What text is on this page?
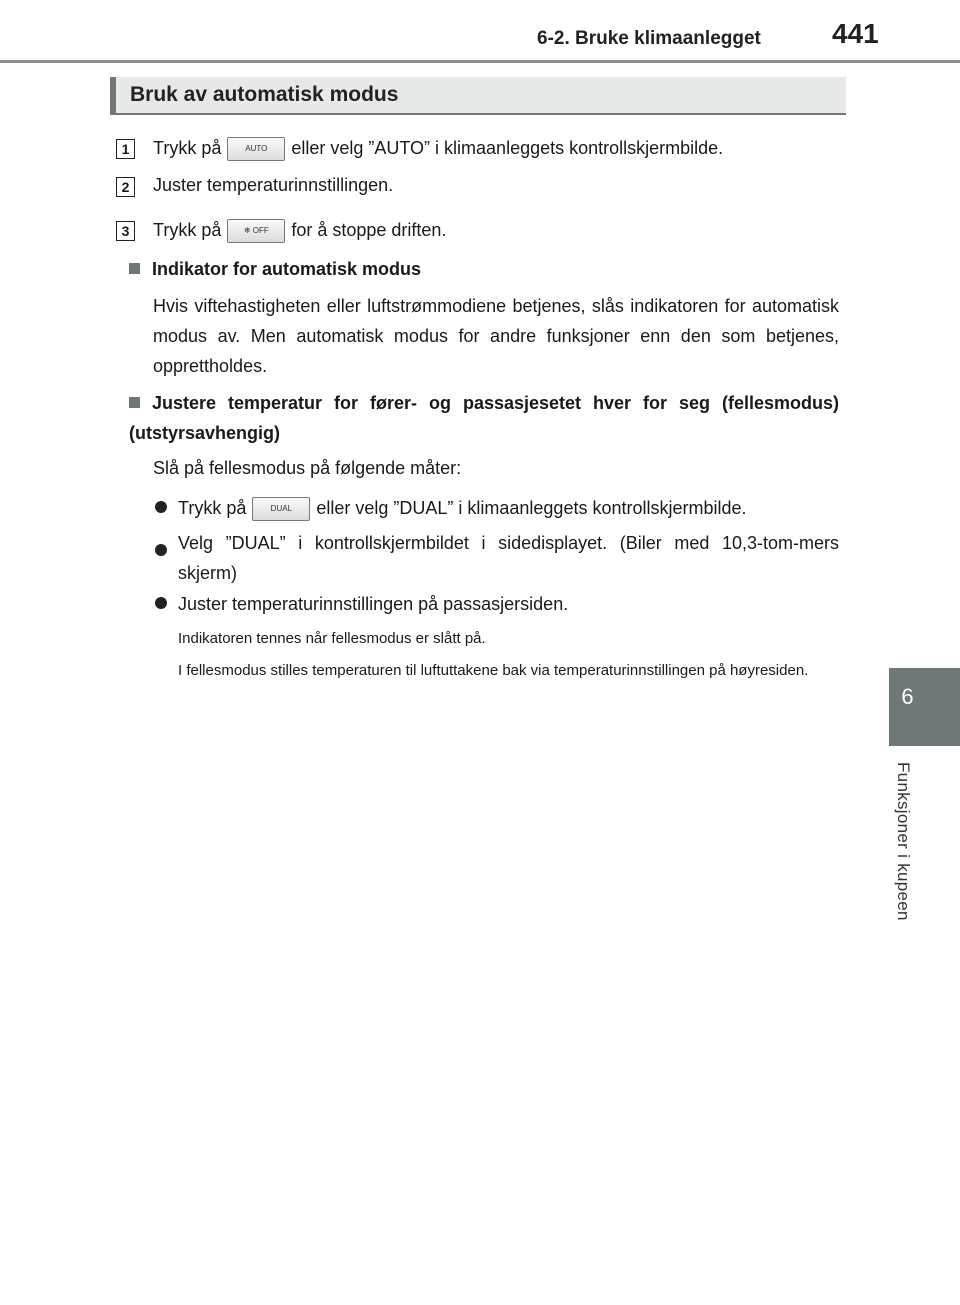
6-2. Bruke klimaanlegget	441
6
Funksjoner i kupeen
Bruk av automatisk modus
1	Trykk på	AUTO eller velg ”AUTO” i klimaanleggets kontrollskjermbilde.
2	Juster temperaturinnstillingen.
3	Trykk på	❄ OFF for å stoppe driften.
Indikator for automatisk modus
Hvis viftehastigheten eller luftstrømmodiene betjenes, slås indikatoren for automatisk modus av. Men automatisk modus for andre funksjoner enn den som betjenes, opprettholdes.
Justere temperatur for fører- og passasjesetet hver for seg (fellesmodus) (utstyrsavhengig)
Slå på fellesmodus på følgende måter:
Trykk på	DUAL eller velg ”DUAL” i klimaanleggets kontrollskjermbilde.
Velg ”DUAL” i kontrollskjermbildet i sidedisplayet. (Biler med 10,3-tom-mers skjerm)
Juster temperaturinnstillingen på passasjersiden.
Indikatoren tennes når fellesmodus er slått på.
I fellesmodus stilles temperaturen til luftuttakene bak via temperaturinnstillingen på høyresiden.
